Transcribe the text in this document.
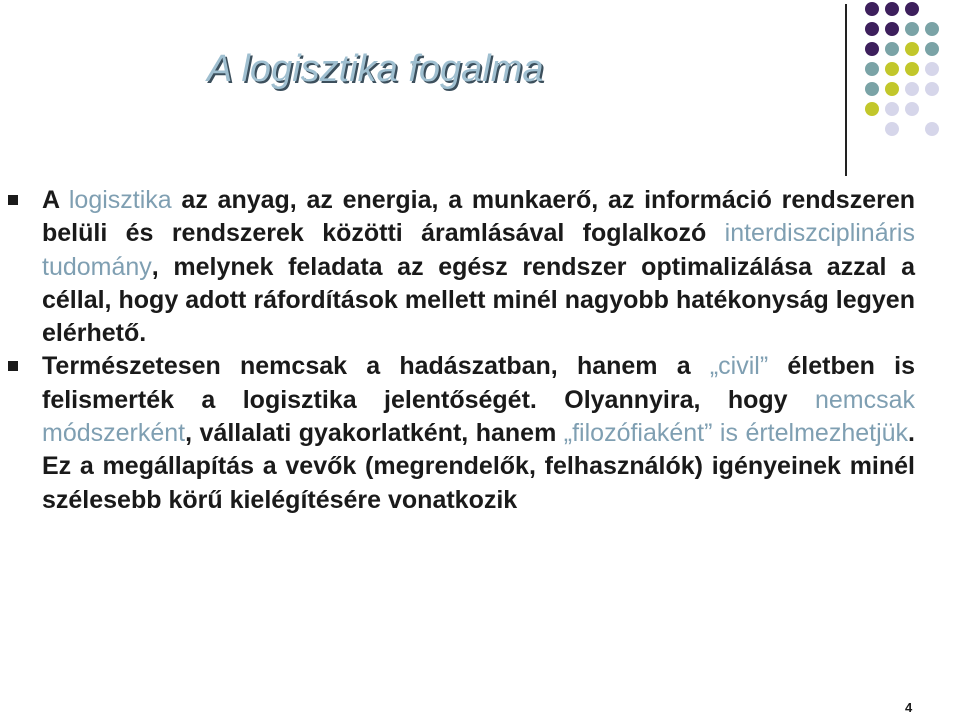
A logisztika fogalma
A logisztika az anyag, az energia, a munkaerő, az információ rendszeren belüli és rendszerek közötti áramlásával foglalkozó interdiszciplináris tudomány, melynek feladata az egész rendszer optimalizálása azzal a céllal, hogy adott ráfordítások mellett minél nagyobb hatékonyság legyen elérhető.
Természetesen nemcsak a hadászatban, hanem a „civil” életben is felismerték a logisztika jelentőségét. Olyannyira, hogy nemcsak módszerként, vállalati gyakorlatként, hanem „filozófiaként” is értelmezhetjük. Ez a megállapítás a vevők (megrendelők, felhasználók) igényeinek minél szélesebb körű kielégítésére vonatkozik
4
